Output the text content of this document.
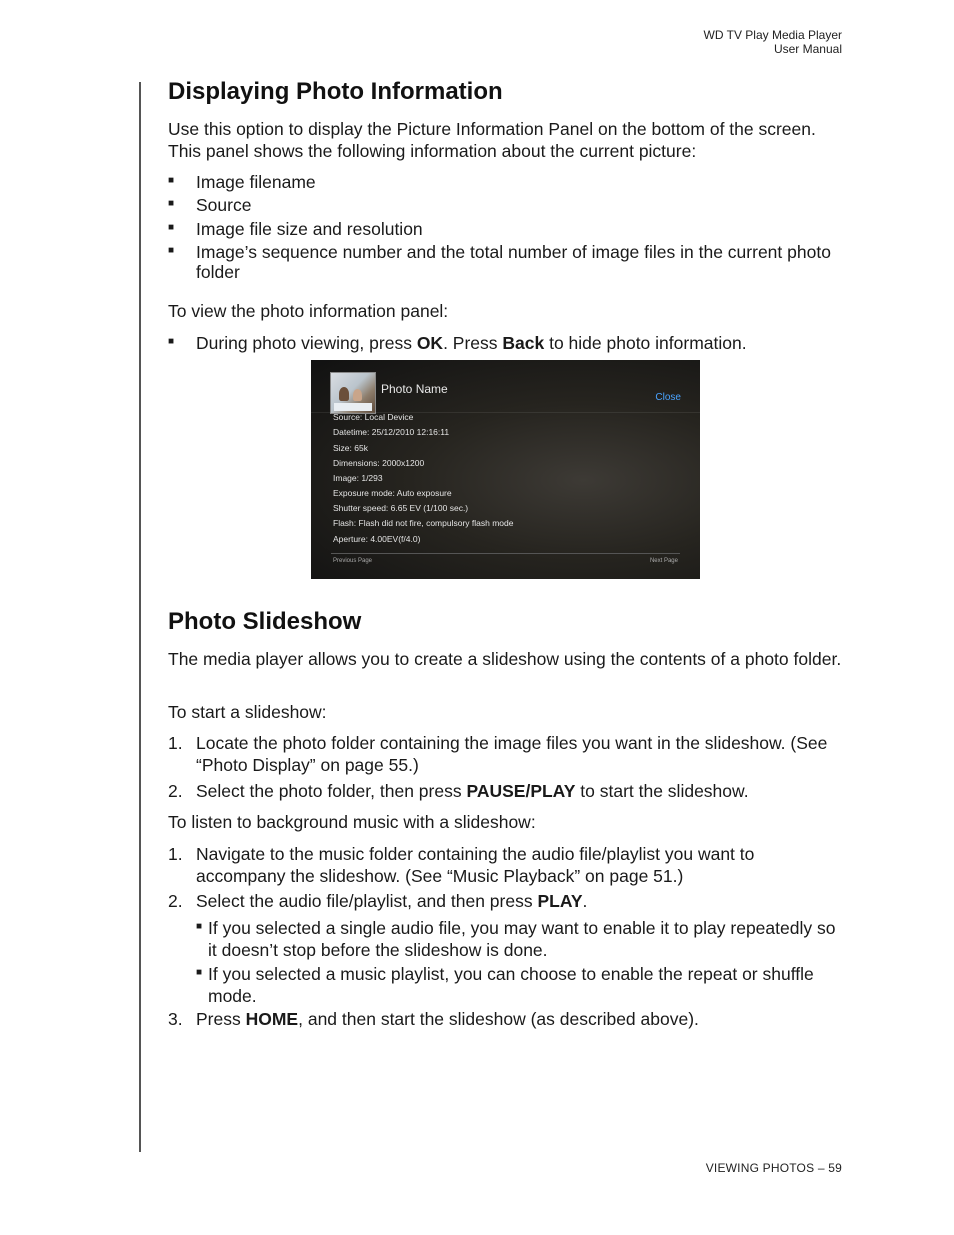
WD TV Play Media Player
User Manual
Displaying Photo Information

Use this option to display the Picture Information Panel on the bottom of the screen. This panel shows the following information about the current picture:

■ Image filename
■ Source
■ Image file size and resolution
■ Image’s sequence number and the total number of image files in the current photo folder

To view the photo information panel:

■ During photo viewing, press OK. Press Back to hide photo information.
Photo Slideshow

The media player allows you to create a slideshow using the contents of a photo folder.

To start a slideshow:

1. Locate the photo folder containing the image files you want in the slideshow. (See “Photo Display” on page 55.)
2. Select the photo folder, then press PAUSE/PLAY to start the slideshow.

To listen to background music with a slideshow:

1. Navigate to the music folder containing the audio file/playlist you want to accompany the slideshow. (See “Music Playback” on page 51.)
2. Select the audio file/playlist, and then press PLAY.
■ If you selected a single audio file, you may want to enable it to play repeatedly so it doesn’t stop before the slideshow is done.
■ If you selected a music playlist, you can choose to enable the repeat or shuffle mode.
3. Press HOME, and then start the slideshow (as described above).
Photo Name
Close
Source: Local Device
Datetime: 25/12/2010 12:16:11
Size: 65k
Dimensions: 2000x1200
Image: 1/293
Exposure mode: Auto exposure
Shutter speed: 6.65 EV (1/100 sec.)
Flash: Flash did not fire, compulsory flash mode
Aperture: 4.00EV(f/4.0)
Previous Page	Next Page
VIEWING PHOTOS – 59
